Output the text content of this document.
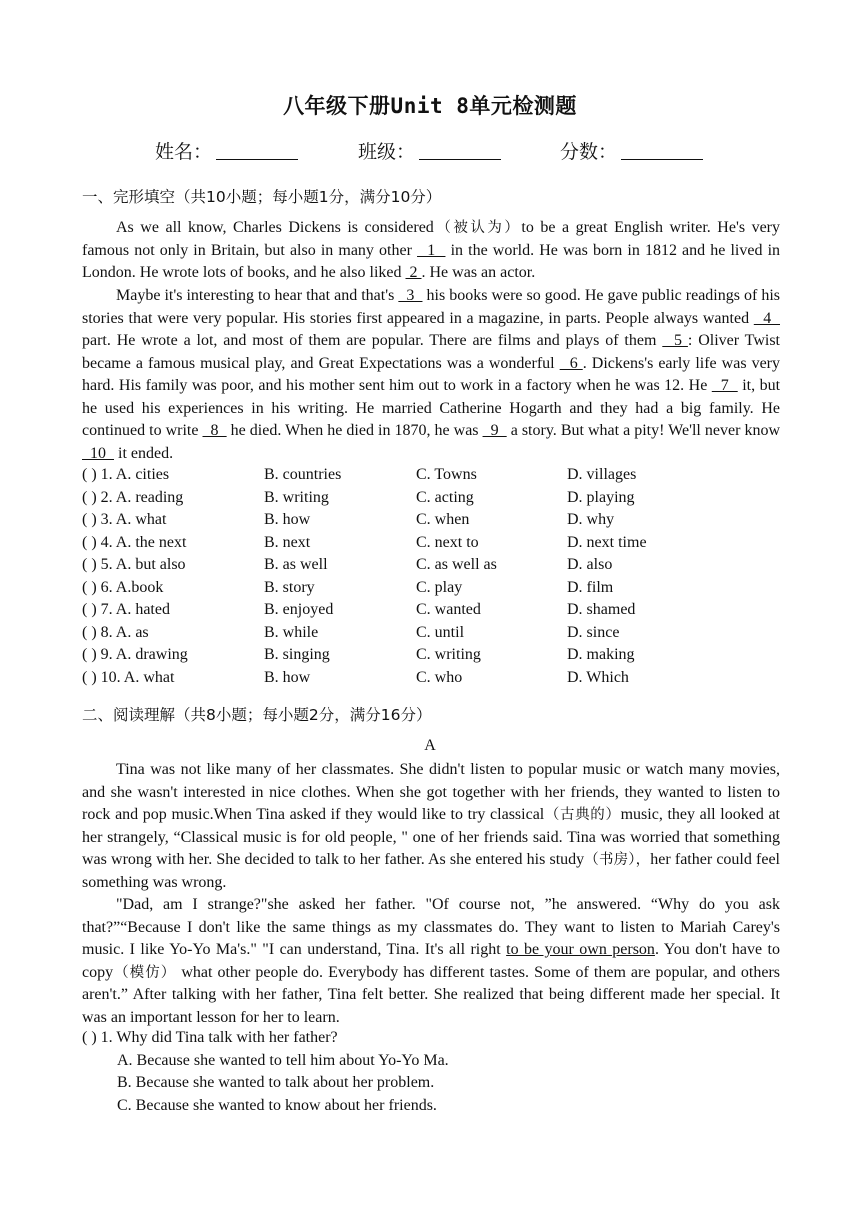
八年级下册Unit 8单元检测题
姓名：	班级：	分数：
一、完形填空（共10小题；每小题1分，满分10分）

As we all know, Charles Dickens is considered（被认为）to be a great English writer. He's very famous not only in Britain, but also in many other   1   in the world. He was born in 1812 and he lived in London. He wrote lots of books, and he also liked  2 . He was an actor.

Maybe it's interesting to hear that and that's   3   his books were so good. He gave public readings of his stories that were very popular. His stories first appeared in a magazine, in parts. People always wanted   4   part. He wrote a lot, and most of them are popular. There are films and plays of them   5 : Oliver Twist became a famous musical play, and Great Expectations was a wonderful   6 . Dickens's early life was very hard. His family was poor, and his mother sent him out to work in a factory when he was 12. He   7   it, but he used his experiences in his writing. He married Catherine Hogarth and they had a big family. He continued to write   8   he died. When he died in 1870, he was   9   a story. But what a pity! We'll never know   10   it ended.

( ) 1. A. cities	B. countries	C. Towns	D. villages
( ) 2. A. reading	B. writing	C. acting	D. playing
( ) 3. A. what	B. how	C. when	D. why
( ) 4. A. the next	B. next	C. next to	D. next time
( ) 5. A. but also	B. as well	C. as well as	D. also
( ) 6. A.book	B. story	C. play	D. film
( ) 7. A. hated	B. enjoyed	C. wanted	D. shamed
( ) 8. A. as	B. while	C. until	D. since
( ) 9. A. drawing	B. singing	C. writing	D. making
( ) 10. A. what	B. how	C. who	D. Which
二、阅读理解（共8小题；每小题2分，满分16分）
A

Tina was not like many of her classmates. She didn't listen to popular music or watch many movies, and she wasn't interested in nice clothes. When she got together with her friends, they wanted to listen to rock and pop music.When Tina asked if they would like to try classical（古典的）music, they all looked at her strangely, “Classical music is for old people, " one of her friends said. Tina was worried that something was wrong with her. She decided to talk to her father. As she entered his study（书房），her father could feel something was wrong.

"Dad, am I strange?"she asked her father. "Of course not, ”he answered. “Why do you ask that?”“Because I don't like the same things as my classmates do. They want to listen to Mariah Carey's music. I like Yo-Yo Ma's." "I can understand, Tina. It's all right to be your own person. You don't have to copy（模仿） what other people do. Everybody has different tastes. Some of them are popular, and others aren't.” After talking with her father, Tina felt better. She realized that being different made her special. It was an important lesson for her to learn.

( ) 1. Why did Tina talk with her father?
A. Because she wanted to tell him about Yo-Yo Ma.
B. Because she wanted to talk about her problem.
C. Because she wanted to know about her friends.
